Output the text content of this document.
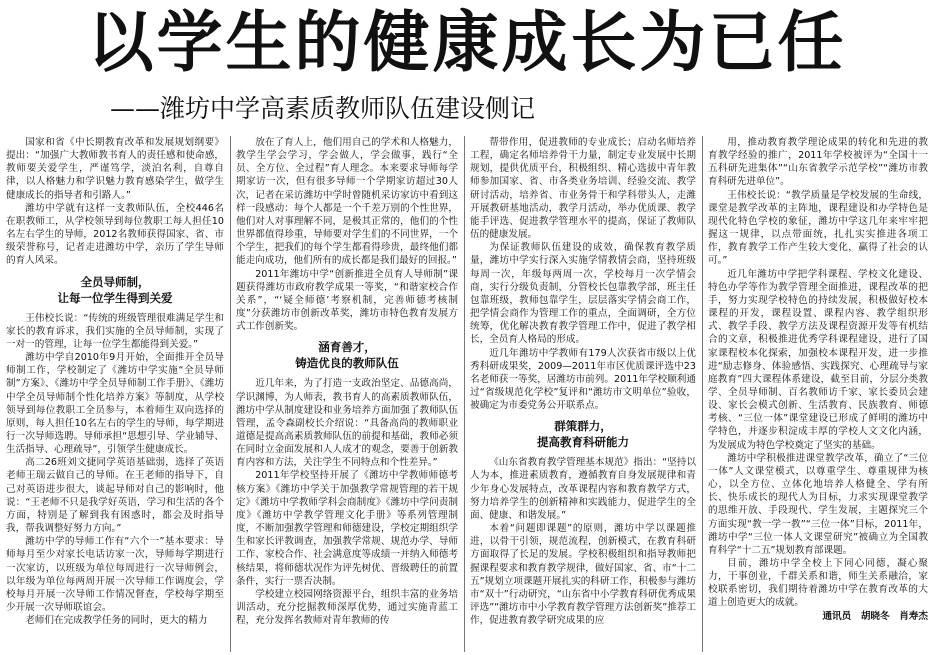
以学生的健康成长为已任
——潍坊中学高素质教师队伍建设侧记

国家和省《中长期教育改革和发展规划纲要》提出：“加强广大教师教书育人的责任感和使命感，教师要关爱学生，严谨笃学，淡泊名利，自尊自律，以人格魅力和学识魅力教育感染学生，做学生健康成长的指导者和引路人。”

潍坊中学就有这样一支教师队伍，全校446名在职教师工，从学校领导到每位教职工每人担任10名左右学生的导师，2012名教师获得国家、省、市级荣誉称号，记者走进潍坊中学，亲历了学生导师的育人风采。

全员导师制，

让每一位学生得到关爱

王伟校长说：“传统的班级管理很难满足学生和家长的教育诉求，我们实施的全员导师制，实现了一对一的管理，让每一位学生都能得到关爱。”

潍坊中学自2010年9月开始，全面推开全员导师制工作，学校制定了《潍坊中学实施“全员导师制”方案》、《潍坊中学全员导师制工作手册》、《潍坊中学全员导师制个性化培养方案》等制度，从学校领导到每位教职工全员参与，本着师生双向选择的原则，每人担任10名左右的学生的导师，每学期进行一次导师选聘。导师承担“思想引导、学业辅导、生活指导、心理疏导”，引领学生健康成长。

高二26班刘文捷同学英语基础弱，选择了英语老师王瑞云做自己的导师。在王老师的指导下，自己对英语进步很大，谈起导师对自己的影响时，他说：“王老师不只是我学好英语，学习和生活的各个方面，特别是了解到我有困惑时，都会及时指导我，帮我调整好努力方向。”

潍坊中学的导师工作有“六个一”基本要求：导师每月至少对家长电话访家一次，导师每学期进行一次家访，以班级为单位每周进行一次导师例会，以年级为单位每两周开展一次导师工作调度会，学校每月开展一次导师工作情况督查，学校每学期至少开展一次导师联谊会。

老师们在完成教学任务的同时，更大的精力

放在了育人上，他们用自己的学术和人格魅力，教学生学会学习，学会做人，学会做事，践行“全员、全方位、全过程”育人理念。本来要求导师每学期家访一次，但有很多导师一个学期家访超过30人次，记者在采访潍坊中学时曾随机采访家访中看到这样一段感动：每个人都是一个千差万别的个性世界，他们对人对事理解不同，是极其正常的，他们的个性世界都值得珍重，导师要对学生们的不同世界，一个个学生，把我们的每个学生都看得珍贵，最终他们都能走向成功，他们所有的成长都是我们最好的回报。”

2011年潍坊中学“创新推进全员育人导师制”课题获得潍坊市政府教学成果一等奖，“和谐家校合作关系”，“‘疑全师德’考察机制，完善师德考核制度”分获潍坊市创新改革奖，潍坊市特色教育发展方式工作创新奖。

涵育善才，

铸造优良的教师队伍

近几年来，为了打造一支政治坚定、品德高尚，学识渊博，为人师表，教书育人的高素质教师队伍，潍坊中学从制度建设和业务培养方面加强了教师队伍管理，孟令森副校长介绍说：“具备高尚的教师职业道德是提高高素质教师队伍的前提和基础，教师必须在同时立金面发展和人人成才的观念，要善于创新教育内容和方法，关注学生不同特点和个性差异。”

2011年学校坚持开展了《潍坊中学教师师德考核方案》《潍坊中学关于加强教学常规管理的若干规定》《潍坊中学教师学科会商制度》《潍坊中学问责制度》《潍坊中学教学管理文化手册》等系列管理制度，不断加强教学管理和师德建设，学校定期组织学生和家长评教调查，加强教学常规、规范办学、导师工作、家校合作、社会满意度等成绩一并纳入师德考核结果，将师德状况作为评先树优、晋级聘任的前置条件，实行一票否决制。

学校建立校园网络资源平台，组织丰富的业务培训活动，充分挖掘教师深厚优势，通过实施青蓝工程，充分发挥名教师对青年教师的传

帮带作用，促进教师的专业成长；启动名师培养工程，确定名师培养骨干力量，制定专业发展中长期规划，提供优质平台，积极组织、精心选拔中青年教师参加国家、省、市各类业务培训、经验交流、教学研讨活动，培养省、市业务骨干和学科带头人，走潍开展教研基地活动，教学月活动，举办优质课、教学能手评选、促进教学管理水平的提高，保证了教师队伍的健康发展。

为保证教师队伍建设的成效，确保教育教学质量，潍坊中学实行深入实施学情教情会商，坚持班级每周一次，年级每两周一次，学校每月一次学情会商，实行分级负责制，分管校长包靠教学部，班主任包靠班级，教师包靠学生，层层落实学情会商工作，把学情会商作为管理工作的重点，全面调研，全方位统筹，优化解决教育教学管理工作中，促进了教学相长，全员育人格局的形成。

近几年潍坊中学教师有179人次获省市级以上优秀科研成果奖，2009—2011年市区优质课评选中23名老师获一等奖，居潍坊市前列。2011年学校顺利通过“省级规范化学校”复评和“潍坊市文明单位”验收，被确定为市委党务公开联系点。

群策群力，

提高教育科研能力

《山东省教育教学管理基本规范》指出：“坚持以人为本，推进素质教育，遵循教育自身发展规律和青少年身心发展特点，改革课程内容和教育教学方式，努力培养学生的创新精神和实践能力，促进学生的全面、健康、和谐发展。”

本着“问题即课题”的原则，潍坊中学以课题推进，以骨干引领，规范流程，创新模式，在教育科研方面取得了长足的发展。学校积极组织和指导教师把握课程要求和教育教学规律，做好国家、省、市“十二五”规划立项课题开展扎实的科研工作，积极参与潍坊市“双十”行动研究，“山东省中小学教育科研优秀成果评选”“潍坊市中小学教育教学管理方法创新奖”推荐工作，促进教育教学研究成果的应

用，推动教育教学理论成果的转化和先进的教育教学经验的推广，2011年学校被评为“全国十一五科研先进集体”“山东省教学示范学校”“潍坊市教育科研先进单位”。

王伟校长说：“教学质量是学校发展的生命线，课堂是教学改革的主阵地，课程建设和办学特色是现代化特色学校的象征，潍坊中学这几年来牢牢把握这一规律，以点带面统，扎扎实实推进各项工作，教育教学工作产生较大变化，赢得了社会的认可。”

近几年潍坊中学把学科课程、学校文化建设、特色办学等作为教学管理全面推进，课程改革的把手，努力实现学校特色的持续发展，积极做好校本课程的开发，课程设置、课程内容、教学组织形式、教学手段、教学方法及课程资源开发等有机结合的文章，积极推进优秀学科课程建设，进行了国家课程校本化探索，加强校本课程开发，进一步推进“励志修身、体验感悟、实践探究、心理疏导与家庭教育”四大课程体系建设，截至目前，分层分类教学、全员导师制、百名教师访千家、家长委员会建设、家长会模式创新、生活教育、民族教育、师德考核、“三位一体”课堂建设已形成了鲜明的潍坊中学特色，并逐步积淀成丰厚的学校人文文化内涵，为发展成为特色学校奠定了坚实的基础。

潍坊中学积极推进课堂教学改革，确立了“三位一体”人文课堂模式，以尊重学生、尊重规律为核心，以全方位、立体化地培养人格健全、学有所长、快乐成长的现代人为目标，力求实现课堂教学的思维开放、手段现代、学生发展，主题探究三个方面实现“教一学一教”“三位一体”目标，2011年，潍坊中学“三位一体人文课堂研究”被确立为全国教育科学“十二五”规划教育部课题。

目前，潍坊中学全校上下同心同德，凝心聚力，干事创业，千群关系和谐，师生关系融洽，家校联系密切，我们期待着潍坊中学在教育改革的大道上创造更大的成就。

通讯员　胡晓冬　肖寿杰
